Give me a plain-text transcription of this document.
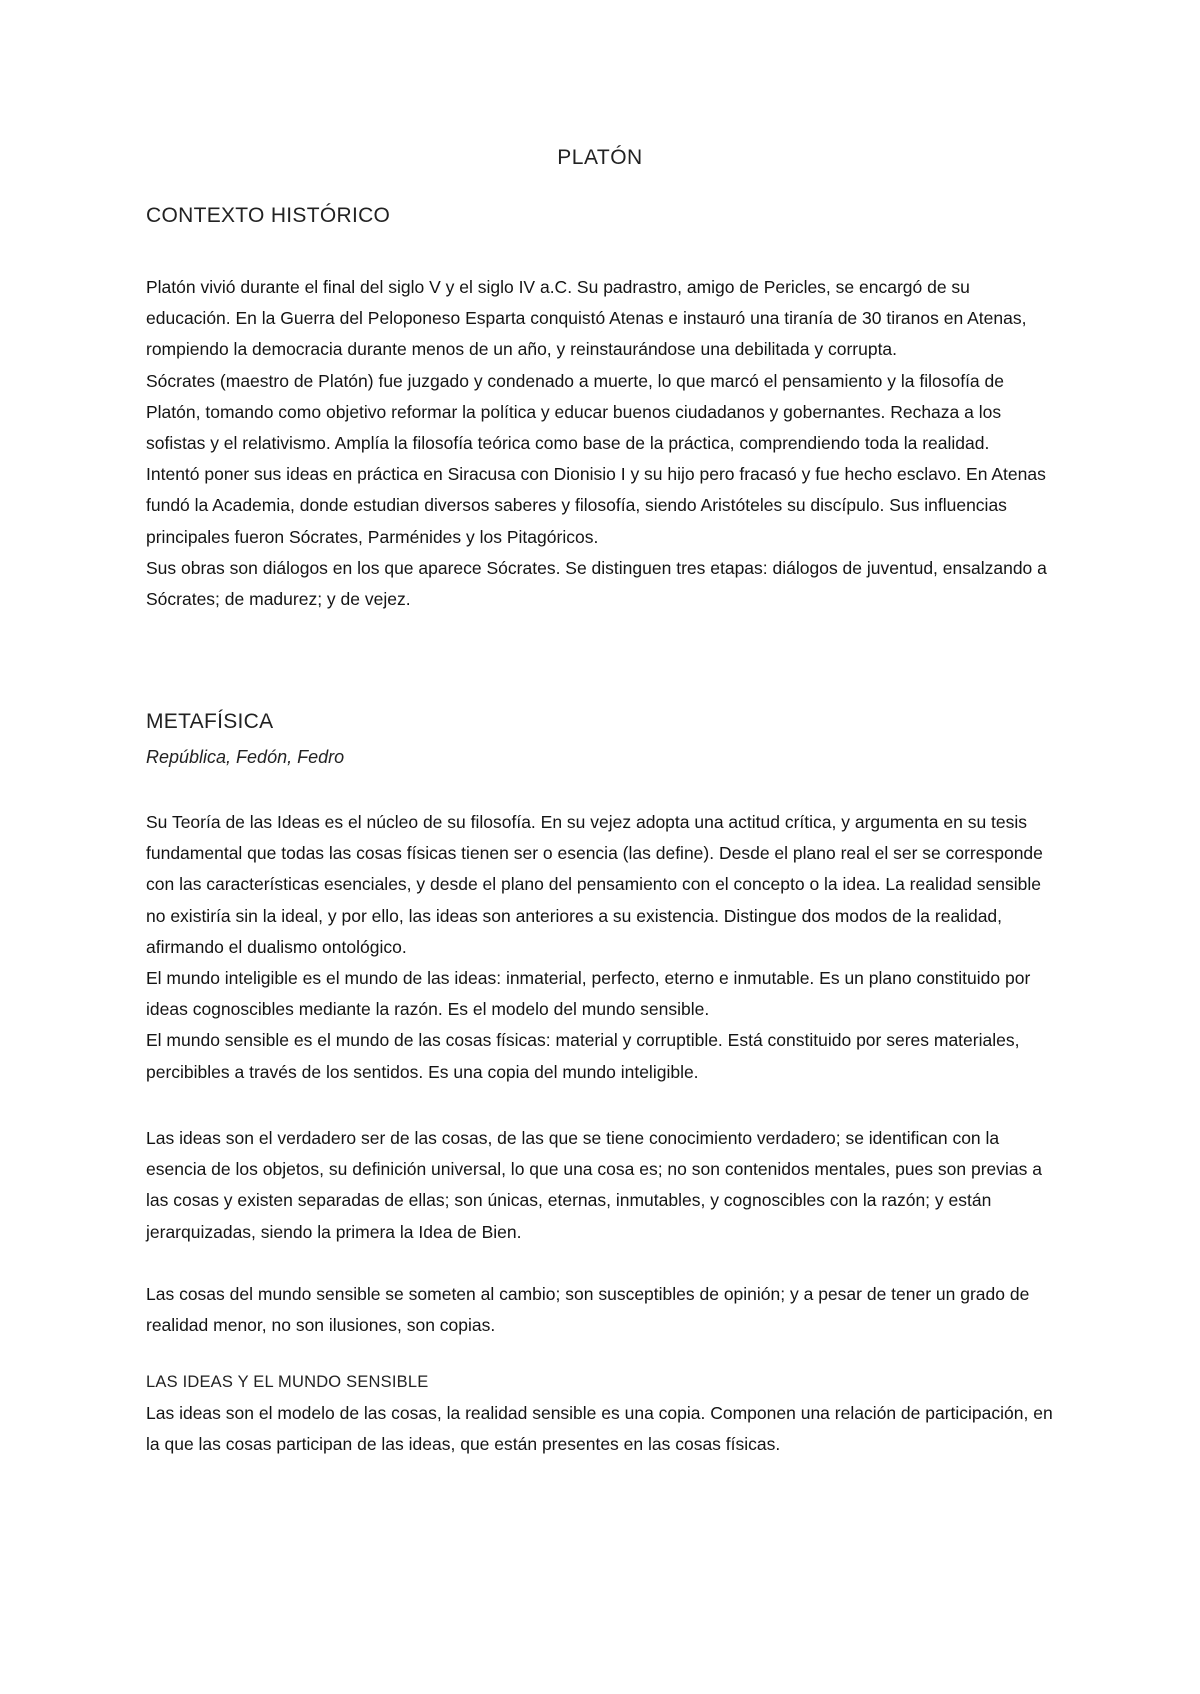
PLATÓN
CONTEXTO HISTÓRICO

Platón vivió durante el final del siglo V y el siglo IV a.C. Su padrastro, amigo de Pericles, se encargó de su educación. En la Guerra del Peloponeso Esparta conquistó Atenas e instauró una tiranía de 30 tiranos en Atenas, rompiendo la democracia durante menos de un año, y reinstaurándose una debilitada y corrupta.

Sócrates (maestro de Platón) fue juzgado y condenado a muerte, lo que marcó el pensamiento y la filosofía de Platón, tomando como objetivo reformar la política y educar buenos ciudadanos y gobernantes. Rechaza a los sofistas y el relativismo. Amplía la filosofía teórica como base de la práctica, comprendiendo toda la realidad.

Intentó poner sus ideas en práctica en Siracusa con Dionisio I y su hijo pero fracasó y fue hecho esclavo. En Atenas fundó la Academia, donde estudian diversos saberes y filosofía, siendo Aristóteles su discípulo. Sus influencias principales fueron Sócrates, Parménides y los Pitagóricos.

Sus obras son diálogos en los que aparece Sócrates. Se distinguen tres etapas: diálogos de juventud, ensalzando a Sócrates; de madurez; y de vejez.

METAFÍSICA
República, Fedón, Fedro

Su Teoría de las Ideas es el núcleo de su filosofía. En su vejez adopta una actitud crítica, y argumenta en su tesis fundamental que todas las cosas físicas tienen ser o esencia (las define). Desde el plano real el ser se corresponde con las características esenciales, y desde el plano del pensamiento con el concepto o la idea. La realidad sensible no existiría sin la ideal, y por ello, las ideas son anteriores a su existencia. Distingue dos modos de la realidad, afirmando el dualismo ontológico.

El mundo inteligible es el mundo de las ideas: inmaterial, perfecto, eterno e inmutable. Es un plano constituido por ideas cognoscibles mediante la razón. Es el modelo del mundo sensible.

El mundo sensible es el mundo de las cosas físicas: material y corruptible. Está constituido por seres materiales, percibibles a través de los sentidos. Es una copia del mundo inteligible.

Las ideas son el verdadero ser de las cosas, de las que se tiene conocimiento verdadero; se identifican con la esencia de los objetos, su definición universal, lo que una cosa es; no son contenidos mentales, pues son previas a las cosas y existen separadas de ellas; son únicas, eternas, inmutables, y cognoscibles con la razón; y están jerarquizadas, siendo la primera la Idea de Bien.

Las cosas del mundo sensible se someten al cambio; son susceptibles de opinión; y a pesar de tener un grado de realidad menor, no son ilusiones, son copias.

LAS IDEAS Y EL MUNDO SENSIBLE

Las ideas son el modelo de las cosas, la realidad sensible es una copia. Componen una relación de participación, en la que las cosas participan de las ideas, que están presentes en las cosas físicas.
